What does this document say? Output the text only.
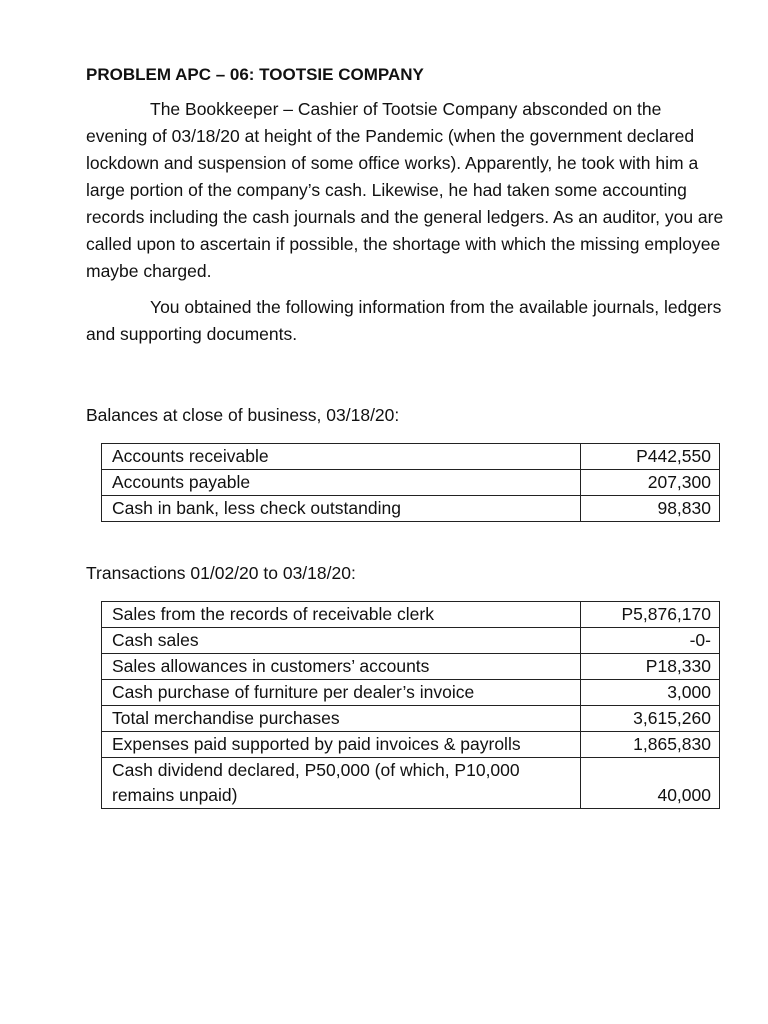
PROBLEM APC – 06: TOOTSIE COMPANY

The Bookkeeper – Cashier of Tootsie Company absconded on the evening of 03/18/20 at height of the Pandemic (when the government declared lockdown and suspension of some office works). Apparently, he took with him a large portion of the company’s cash. Likewise, he had taken some accounting records including the cash journals and the general ledgers. As an auditor, you are called upon to ascertain if possible, the shortage with which the missing employee maybe charged.

You obtained the following information from the available journals, ledgers and supporting documents.

Balances at close of business, 03/18/20:

Accounts receivable	P442,550
Accounts payable	207,300
Cash in bank, less check outstanding	98,830

Transactions 01/02/20 to 03/18/20:

Sales from the records of receivable clerk	P5,876,170
Cash sales	-0-
Sales allowances in customers’ accounts	P18,330
Cash purchase of furniture per dealer’s invoice	3,000
Total merchandise purchases	3,615,260
Expenses paid supported by paid invoices & payrolls	1,865,830
Cash dividend declared, P50,000 (of which, P10,000 remains unpaid)	40,000
